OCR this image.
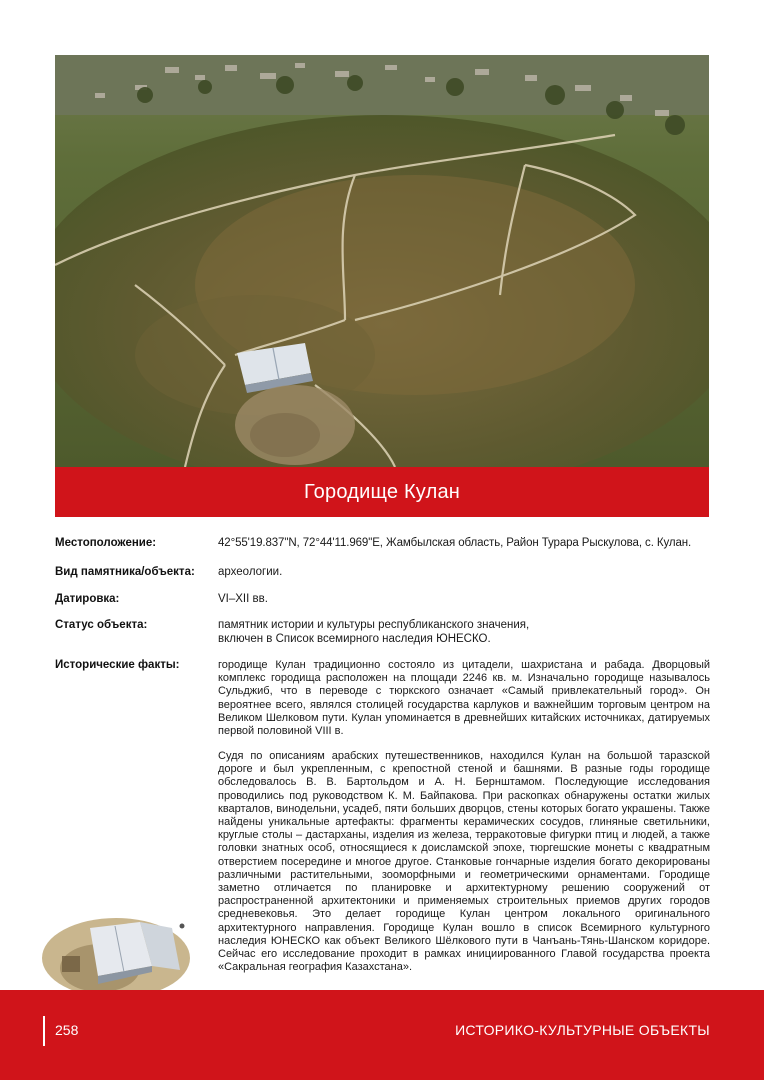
Городище Кулан
Местоположение:	42°55'19.837"N, 72°44'11.969"E, Жамбылская область, Район Турара Рыскулова, с. Кулан.
Вид памятника/объекта: археологии.
Датировка:	VI–XII вв.
Статус объекта:	памятник истории и культуры республиканского значения,
включен в Список всемирного наследия ЮНЕСКО.
Исторические факты:	городище Кулан традиционно состояло из цитадели, шахристана и рабада. Дворцовый комплекс городища расположен на площади 2246 кв. м. Изначально городище называлось Сульджиб, что в переводе с тюркского означает «Самый привлекательный город». Он вероятнее всего, являлся столицей государства карлуков и важнейшим торговым центром на Великом Шелковом пути. Кулан упоминается в древнейших китайских источниках, датируемых первой половиной VIII в.
Судя по описаниям арабских путешественников, находился Кулан на большой таразской дороге и был укрепленным, с крепостной стеной и башнями. В разные годы городище обследовалось В. В. Бартольдом и А. Н. Бернштамом. Последующие исследования проводились под руководством К. М. Байпакова. При раскопках обнаружены остатки жилых кварталов, винодельни, усадеб, пяти больших дворцов, стены которых богато украшены. Также найдены уникальные артефакты: фрагменты керамических сосудов, глиняные светильники, круглые столы – дастарханы, изделия из железа, терракотовые фигурки птиц и людей, а также головки знатных особ, относящиеся к доисламской эпохе, тюргешские монеты с квадратным отверстием посередине и многое другое. Станковые гончарные изделия богато декорированы различными растительными, зооморфными и геометрическими орнаментами. Городище заметно отличается по планировке и архитектурному решению сооружений от распространенной архитектоники и применяемых строительных приемов других городов средневековья. Это делает городище Кулан центром локального оригинального архитектурного направления. Городище Кулан вошло в список Всемирного культурного наследия ЮНЕСКО как объект Великого Шёлкового пути в Чанъань-Тянь-Шанском коридоре. Сейчас его исследование проходит в рамках инициированного Главой государства проекта «Сакральная география Казахстана».
258	ИСТОРИКО-КУЛЬТУРНЫЕ ОБЪЕКТЫ
